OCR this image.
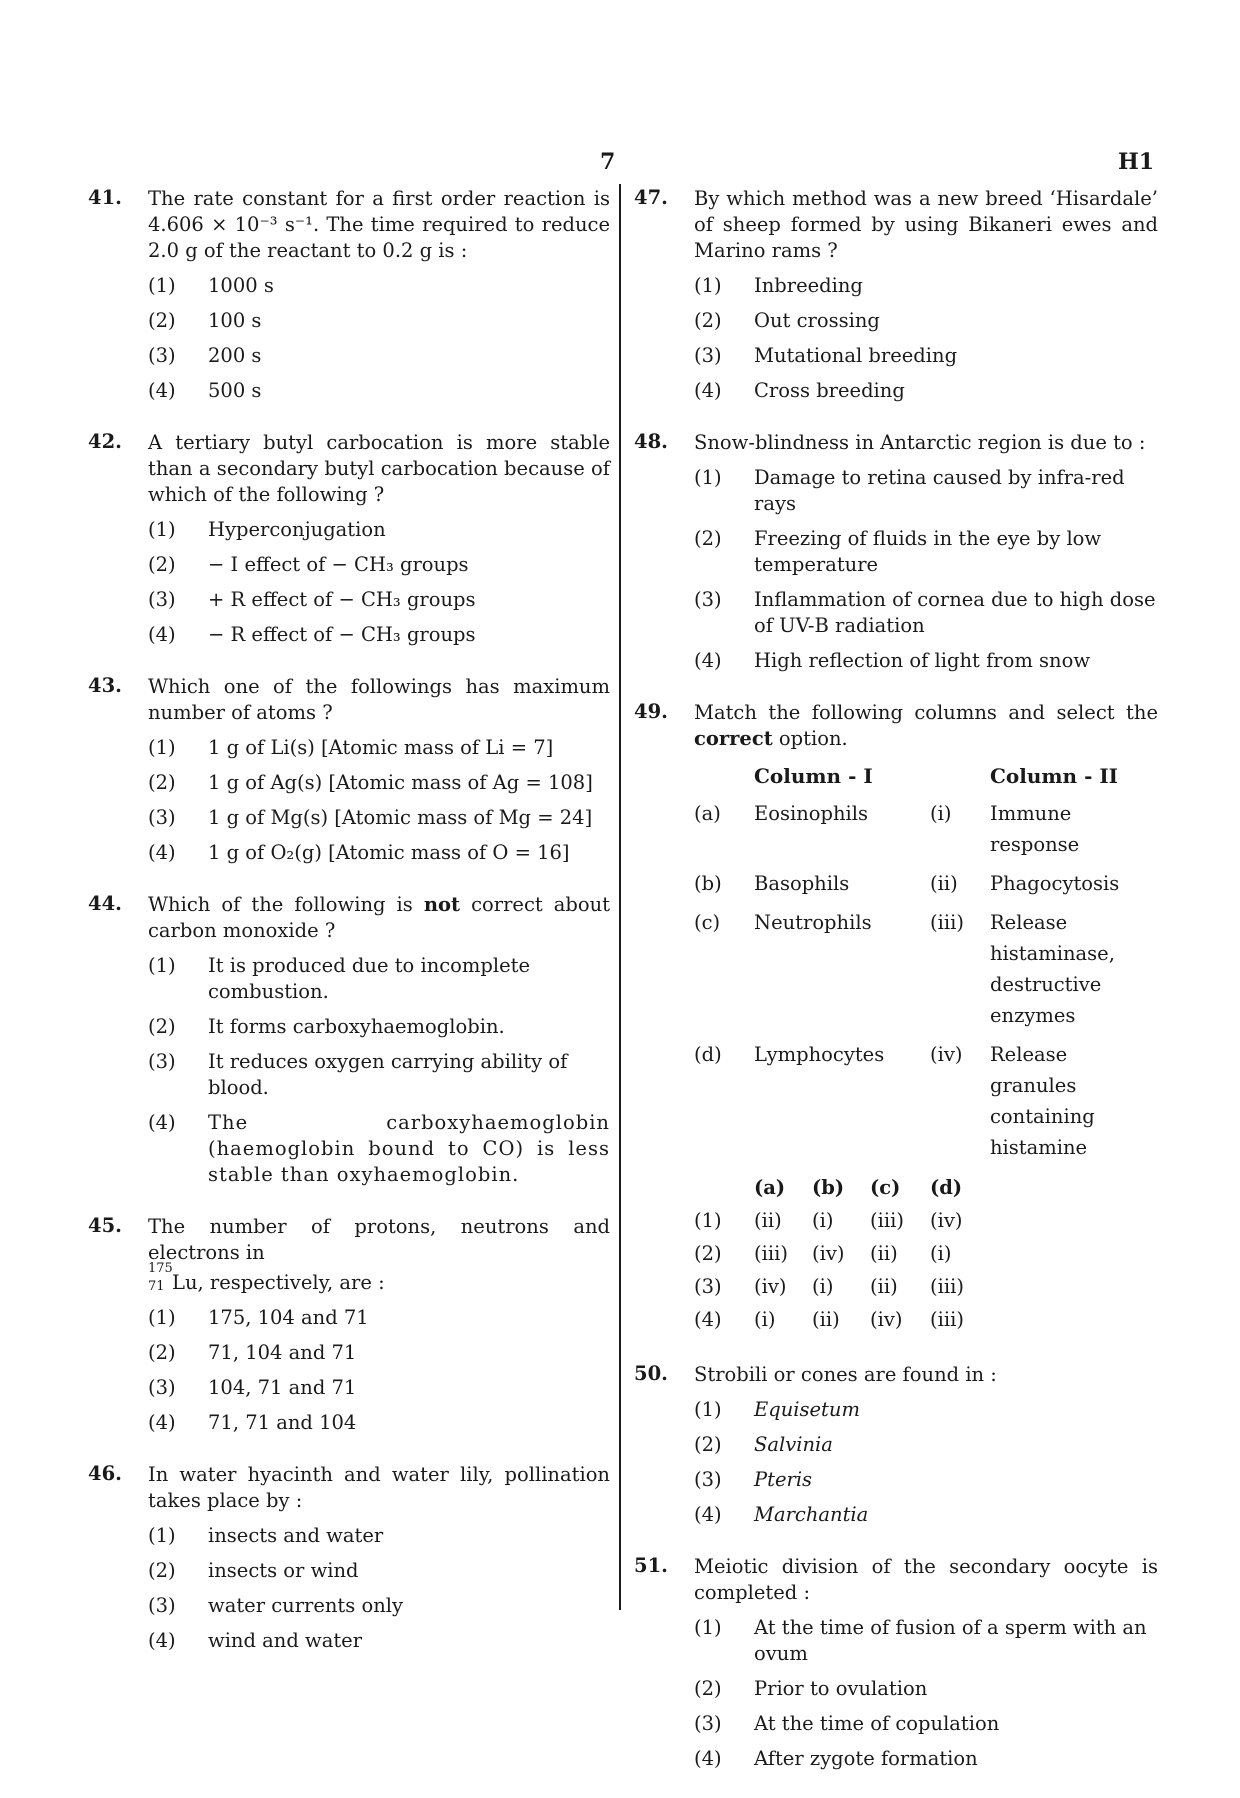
7	H1
41. The rate constant for a first order reaction is 4.606 × 10⁻³ s⁻¹. The time required to reduce 2.0 g of the reactant to 0.2 g is :
(1) 1000 s
(2) 100 s
(3) 200 s
(4) 500 s
42. A tertiary butyl carbocation is more stable than a secondary butyl carbocation because of which of the following ?
(1) Hyperconjugation
(2) − I effect of − CH₃ groups
(3) + R effect of − CH₃ groups
(4) − R effect of − CH₃ groups
43. Which one of the followings has maximum number of atoms ?
(1) 1 g of Li(s) [Atomic mass of Li = 7]
(2) 1 g of Ag(s) [Atomic mass of Ag = 108]
(3) 1 g of Mg(s) [Atomic mass of Mg = 24]
(4) 1 g of O₂(g) [Atomic mass of O = 16]
44. Which of the following is not correct about carbon monoxide ?
(1) It is produced due to incomplete combustion.
(2) It forms carboxyhaemoglobin.
(3) It reduces oxygen carrying ability of blood.
(4) The carboxyhaemoglobin (haemoglobin bound to CO) is less stable than oxyhaemoglobin.
45. The number of protons, neutrons and electrons in

175
71 Lu, respectively, are :
(1) 175, 104 and 71
(2) 71, 104 and 71
(3) 104, 71 and 71
(4) 71, 71 and 104
46. In water hyacinth and water lily, pollination takes place by :
(1) insects and water
(2) insects or wind
(3) water currents only
(4) wind and water
47. By which method was a new breed ‘Hisardale’ of sheep formed by using Bikaneri ewes and Marino rams ?
(1) Inbreeding
(2) Out crossing
(3) Mutational breeding
(4) Cross breeding
48. Snow-blindness in Antarctic region is due to :
(1) Damage to retina caused by infra-red rays
(2) Freezing of fluids in the eye by low temperature
(3) Inflammation of cornea due to high dose of UV-B radiation
(4) High reflection of light from snow
49. Match the following columns and select the correct option.
	Column - I		Column - II
(a)	Eosinophils	(i)	Immune response
(b)	Basophils	(ii)	Phagocytosis
(c)	Neutrophils	(iii)	Release histaminase, destructive enzymes
(d)	Lymphocytes	(iv)	Release granules containing histamine
	(a)	(b)	(c)	(d)
(1)	(ii)	(i)	(iii)	(iv)
(2)	(iii)	(iv)	(ii)	(i)
(3)	(iv)	(i)	(ii)	(iii)
(4)	(i)	(ii)	(iv)	(iii)
50. Strobili or cones are found in :
(1) Equisetum
(2) Salvinia
(3) Pteris
(4) Marchantia
51. Meiotic division of the secondary oocyte is completed :
(1) At the time of fusion of a sperm with an ovum
(2) Prior to ovulation
(3) At the time of copulation
(4) After zygote formation
